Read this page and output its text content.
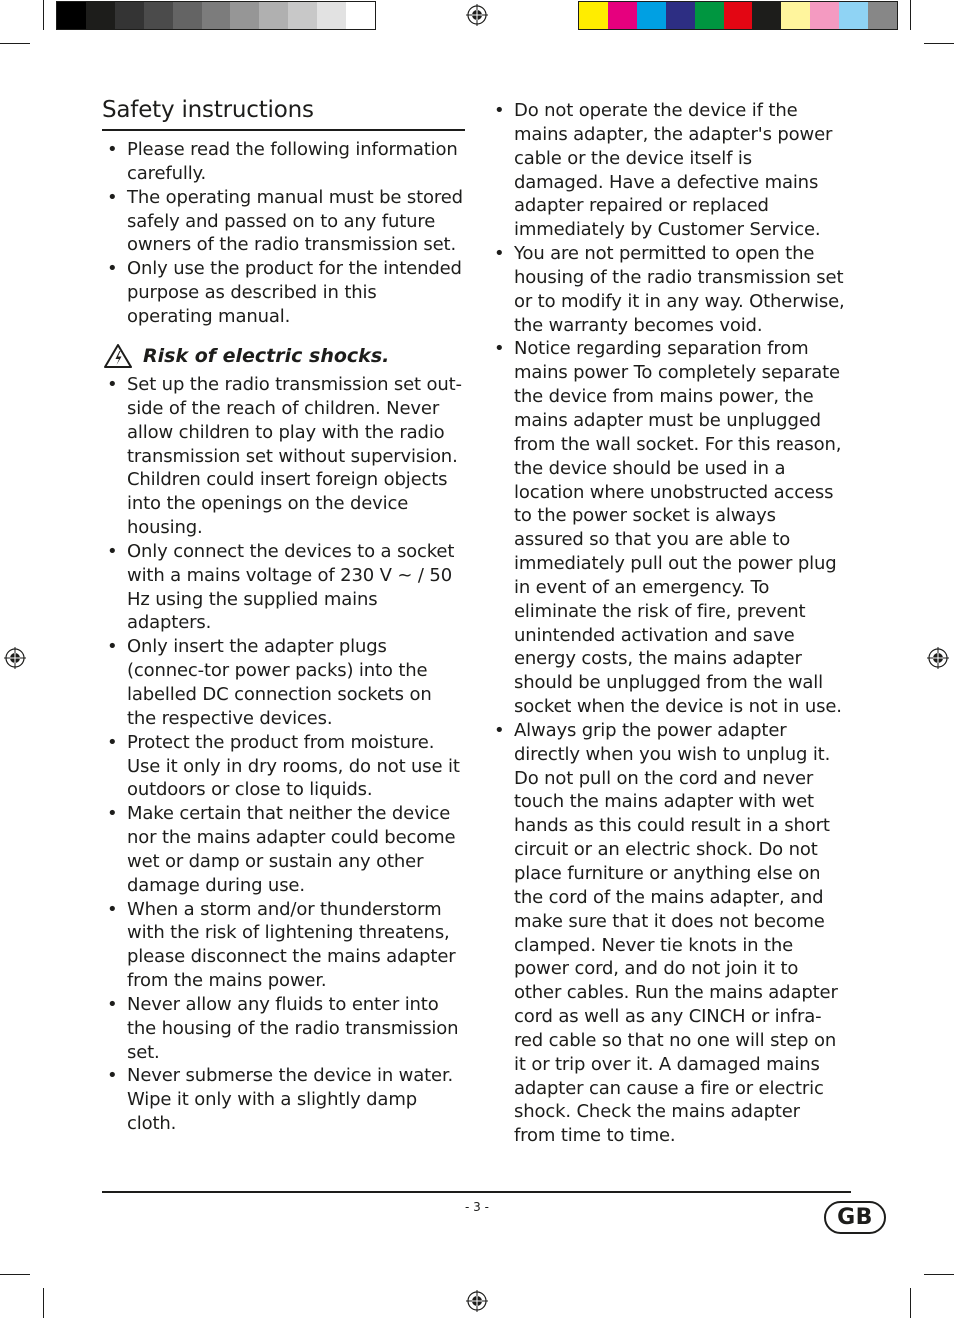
Safety instructions
• Please read the following information carefully.
• The operating manual must be stored safely and passed on to any future owners of the radio transmission set.
• Only use the product for the intended purpose as described in this operating manual.
Risk of electric shocks.
• Set up the radio transmission set out-side of the reach of children. Never allow children to play with the radio transmission set without supervision. Children could insert foreign objects into the openings on the device housing.
• Only connect the devices to a socket with a mains voltage of 230 V ~ / 50 Hz using the supplied mains adapters.
• Only insert the adapter plugs (connec-tor power packs) into the labelled DC connection sockets on the respective devices.
• Protect the product from moisture. Use it only in dry rooms, do not use it outdoors or close to liquids.
• Make certain that neither the device nor the mains adapter could become wet or damp or sustain any other damage during use.
• When a storm and/or thunderstorm with the risk of lightening threatens, please disconnect the mains adapter from the mains power.
• Never allow any fluids to enter into the housing of the radio transmission set.
• Never submerse the device in water. Wipe it only with a slightly damp cloth.
• Do not operate the device if the mains adapter, the adapter's power cable or the device itself is damaged. Have a defective mains adapter repaired or replaced immediately by Customer Service.
• You are not permitted to open the housing of the radio transmission set or to modify it in any way. Otherwise, the warranty becomes void.
• Notice regarding separation from mains power To completely separate the device from mains power, the mains adapter must be unplugged from the wall socket. For this reason, the device should be used in a location where unobstructed access to the power socket is always assured so that you are able to immediately pull out the power plug in event of an emergency. To eliminate the risk of fire, prevent unintended activation and save energy costs, the mains adapter should be unplugged from the wall socket when the device is not in use.
• Always grip the power adapter directly when you wish to unplug it. Do not pull on the cord and never touch the mains adapter with wet hands as this could result in a short circuit or an electric shock. Do not place furniture or anything else on the cord of the mains adapter, and make sure that it does not become clamped. Never tie knots in the power cord, and do not join it to other cables. Run the mains adapter cord as well as any CINCH or infra-red cable so that no one will step on it or trip over it. A damaged mains adapter can cause a fire or electric shock. Check the mains adapter from time to time.
- 3 -	GB
